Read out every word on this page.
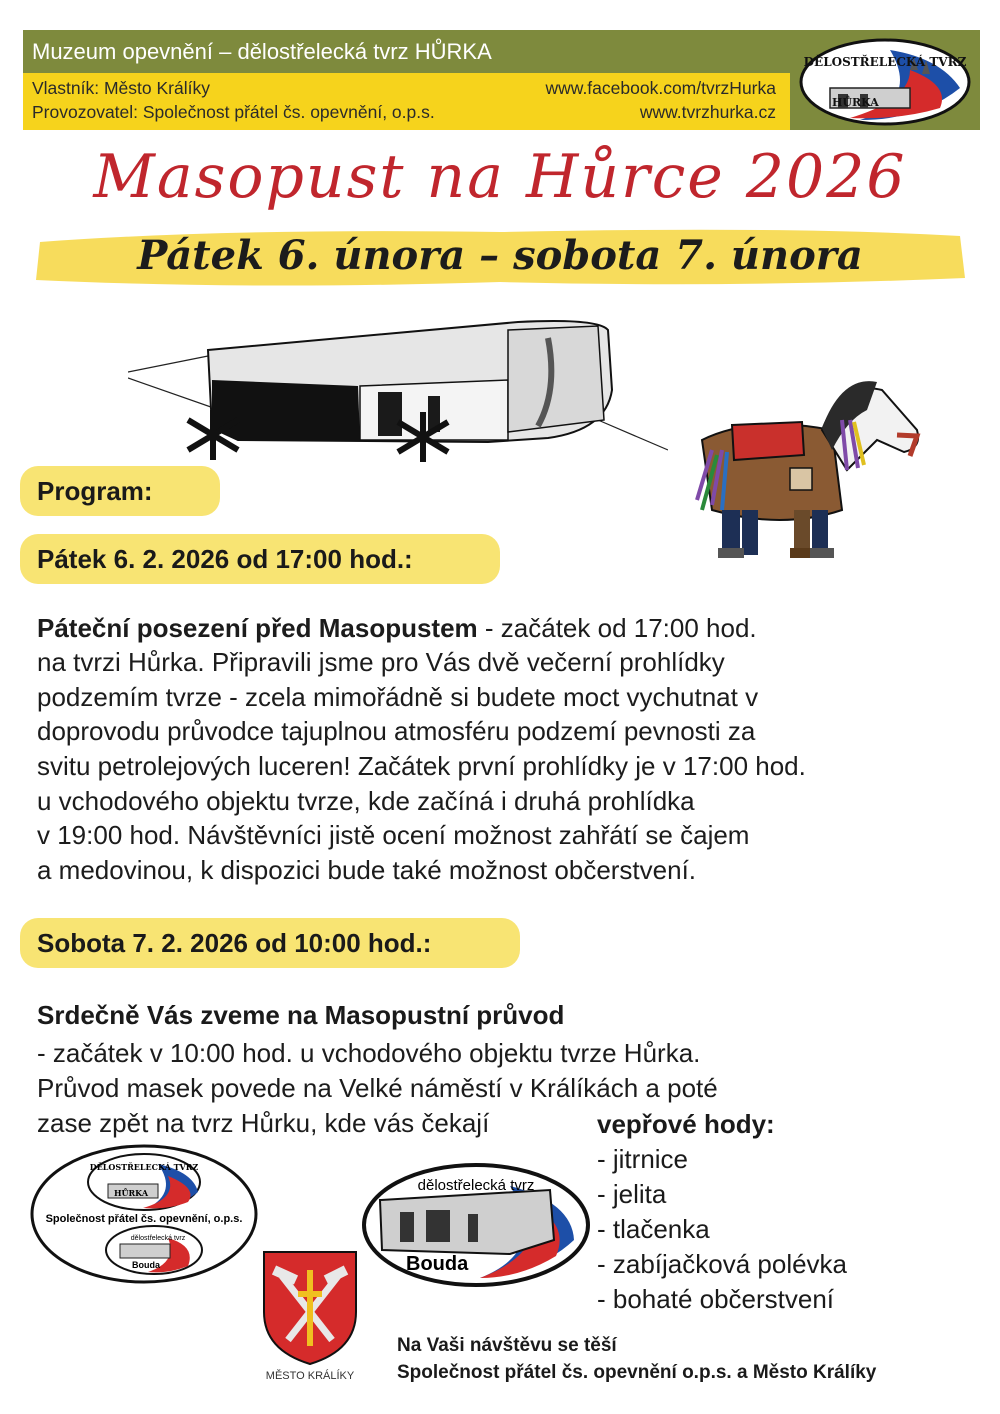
Muzeum opevnění – dělostřelecká tvrz HŮRKA
Vlastník: Město Králíky
Provozovatel: Společnost přátel čs. opevnění, o.p.s.
www.facebook.com/tvrzHurka
www.tvrzhurka.cz
DĚLOSTŘELECKÁ TVRZ
HŮRKA
Masopust na Hůrce 2026
Pátek 6. února – sobota 7. února
Program:
Pátek 6. 2. 2026 od 17:00 hod.:
Páteční posezení před Masopustem - začátek od 17:00 hod.
na tvrzi Hůrka. Připravili jsme pro Vás dvě večerní prohlídky
podzemím tvrze - zcela mimořádně si budete moct vychutnat v
doprovodu průvodce tajuplnou atmosféru podzemí pevnosti za
svitu petrolejových luceren! Začátek první prohlídky je v 17:00 hod.
u vchodového objektu tvrze, kde začíná i druhá prohlídka
v 19:00 hod. Návštěvníci jistě ocení možnost zahřátí se čajem
a medovinou, k dispozici bude také možnost občerstvení.
Sobota 7. 2. 2026 od 10:00 hod.:
Srdečně Vás zveme na Masopustní průvod
- začátek v 10:00 hod. u vchodového objektu tvrze Hůrka.
Průvod masek povede na Velké náměstí v Králíkách a poté
zase zpět na tvrz Hůrku, kde vás čekají	vepřové hody:
- jitrnice
- jelita
- tlačenka
- zabíjačková polévka
- bohaté občerstvení
DĚLOSTŘELECKÁ TVRZ
HŮRKA
Společnost přátel čs. opevnění, o.p.s.
dělostřelecká tvrz
Bouda
dělostřelecká tvrz
Bouda
MĚSTO KRÁLÍKY
Na Vaši návštěvu se těší
Společnost přátel čs. opevnění o.p.s. a Město Králíky
